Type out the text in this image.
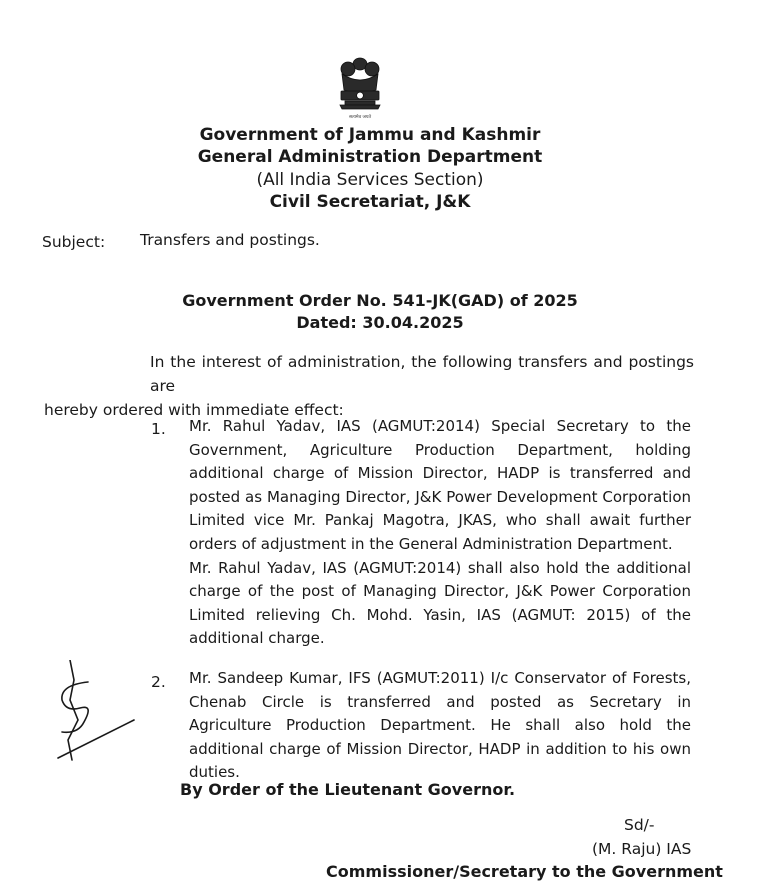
सत्यमेव जयते
Government of Jammu and Kashmir
General Administration Department
(All India Services Section)
Civil Secretariat, J&K
Subject: Transfers and postings.
Government Order No. 541-JK(GAD) of 2025
Dated: 30.04.2025
In the interest of administration, the following transfers and postings are
hereby ordered with immediate effect:
1. Mr. Rahul Yadav, IAS (AGMUT:2014) Special Secretary to the Government, Agriculture Production Department, holding additional charge of Mission Director, HADP is transferred and posted as Managing Director, J&K Power Development Corporation Limited vice Mr. Pankaj Magotra, JKAS, who shall await further orders of adjustment in the General Administration Department.

Mr. Rahul Yadav, IAS (AGMUT:2014) shall also hold the additional charge of the post of Managing Director, J&K Power Corporation Limited relieving Ch. Mohd. Yasin, IAS (AGMUT: 2015) of the additional charge.

2. Mr. Sandeep Kumar, IFS (AGMUT:2011) I/c Conservator of Forests, Chenab Circle is transferred and posted as Secretary in Agriculture Production Department. He shall also hold the additional charge of Mission Director, HADP in addition to his own duties.

By Order of the Lieutenant Governor.
Sd/-
(M. Raju) IAS
Commissioner/Secretary to the Government
